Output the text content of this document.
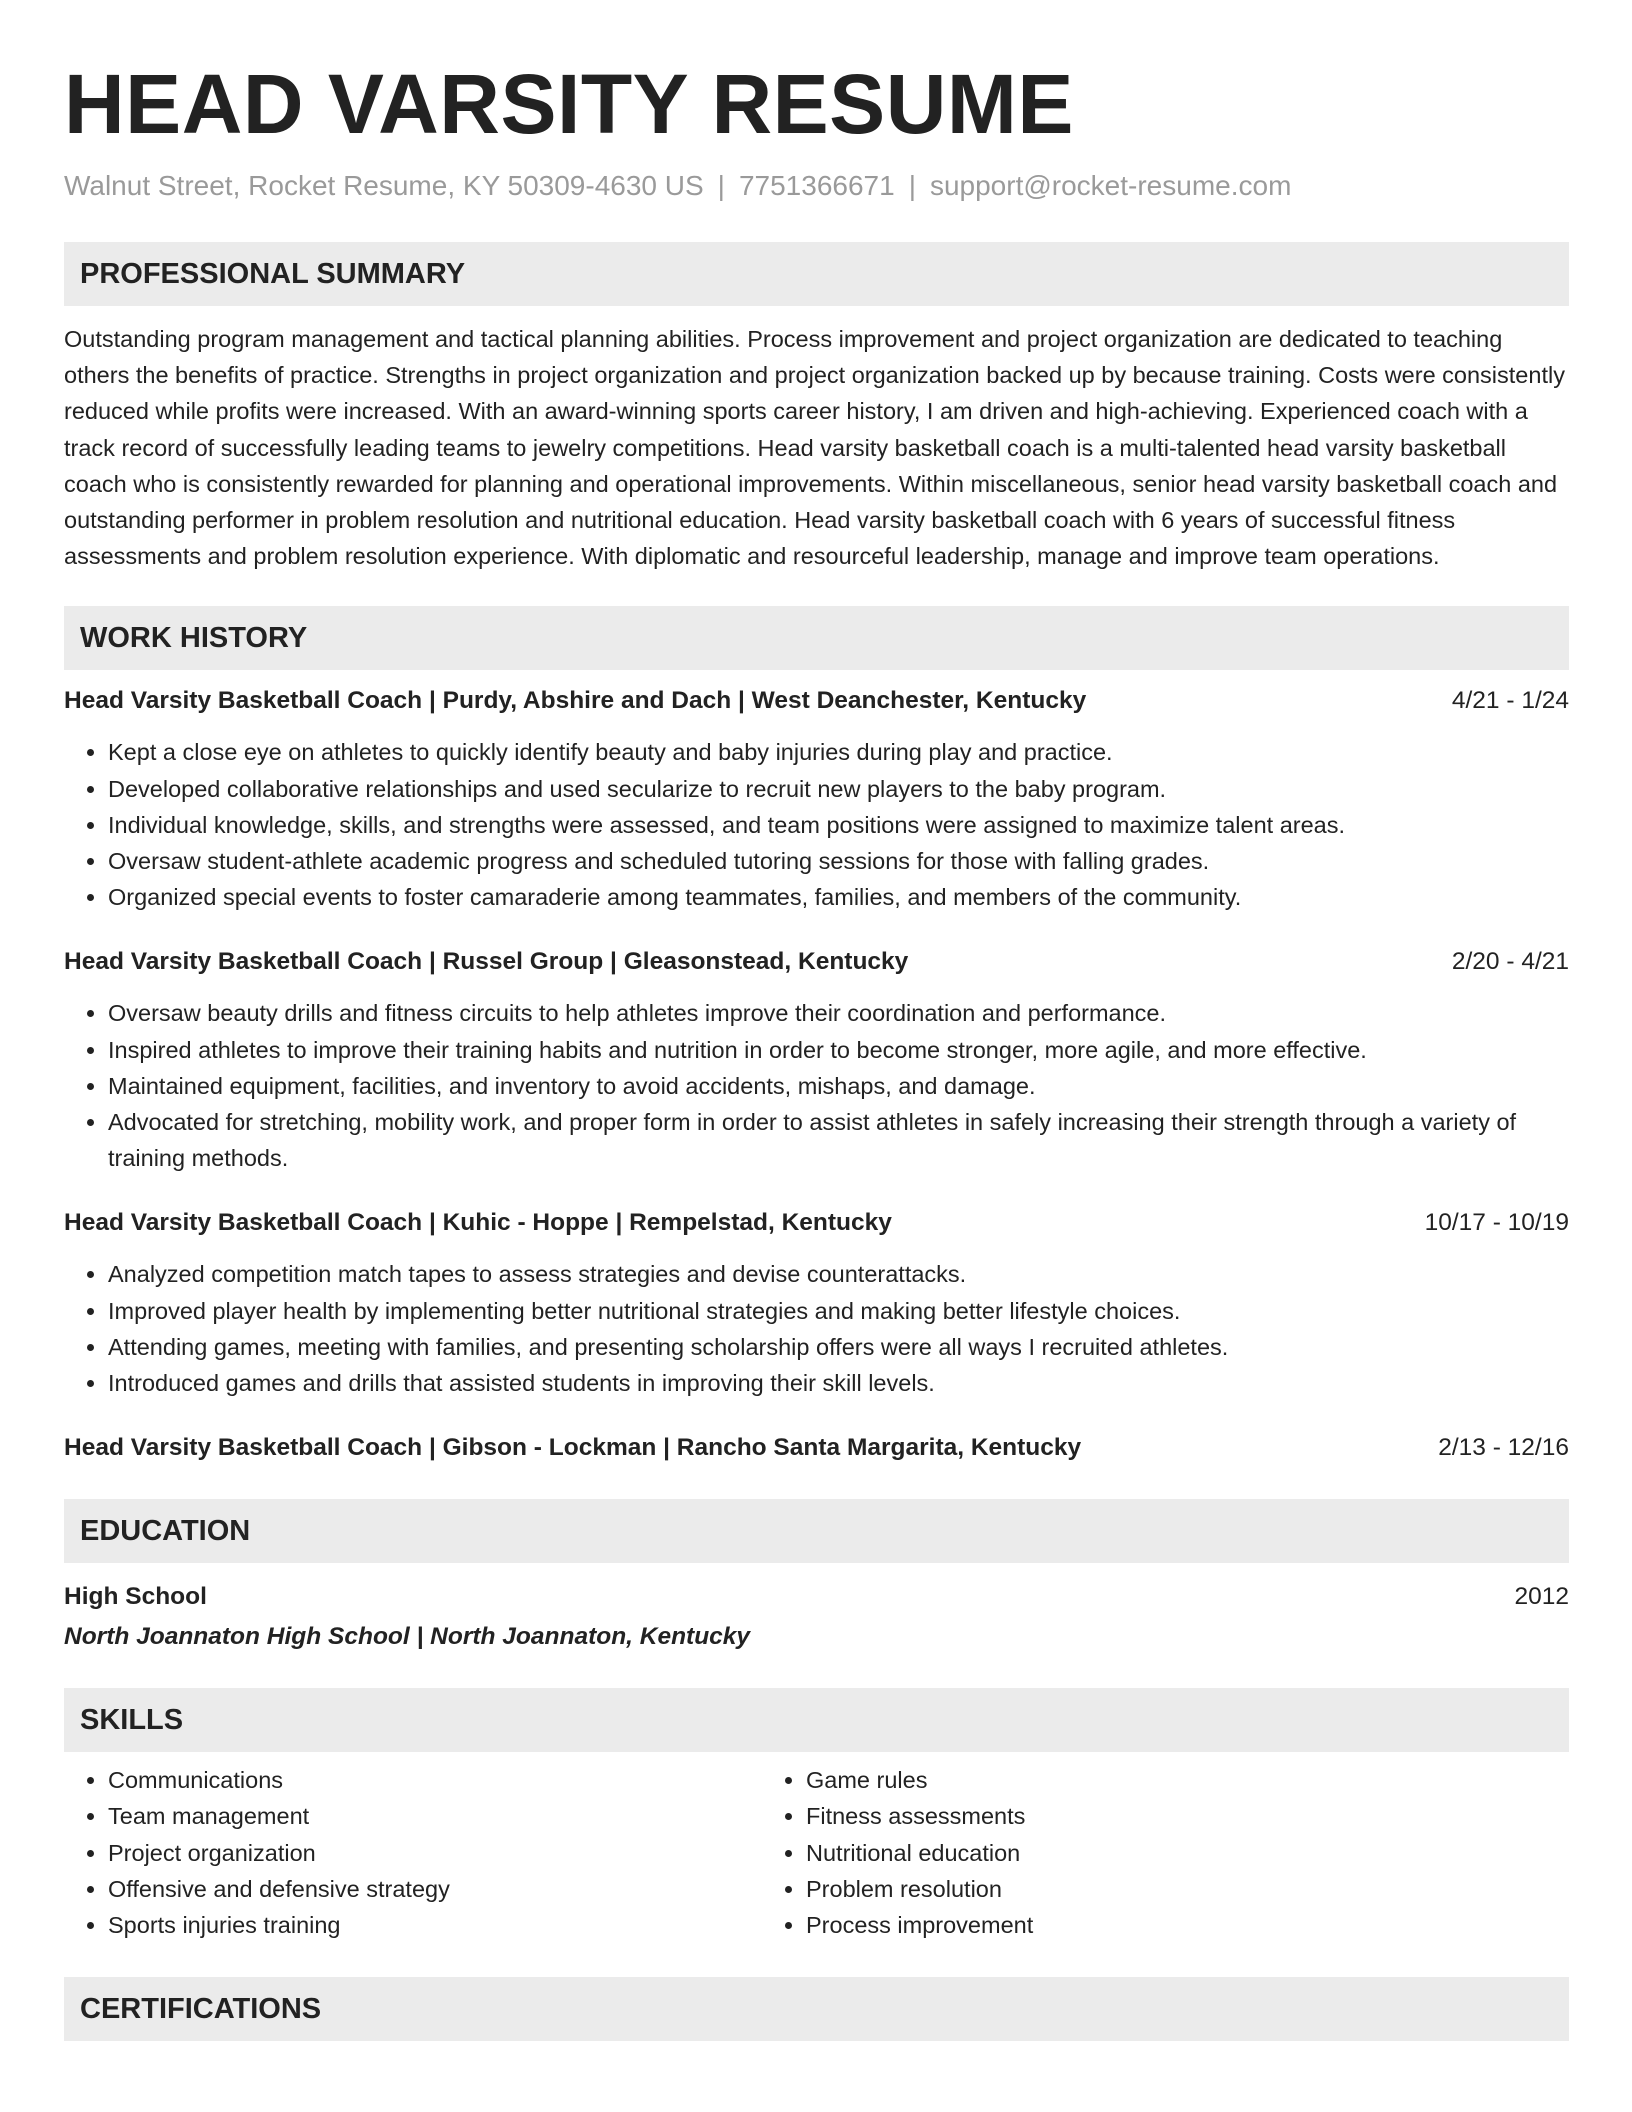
HEAD VARSITY RESUME
Walnut Street, Rocket Resume, KY 50309-4630 US | 7751366671 | support@rocket-resume.com
PROFESSIONAL SUMMARY

Outstanding program management and tactical planning abilities. Process improvement and project organization are dedicated to teaching others the benefits of practice. Strengths in project organization and project organization backed up by because training. Costs were consistently reduced while profits were increased. With an award-winning sports career history, I am driven and high-achieving. Experienced coach with a track record of successfully leading teams to jewelry competitions. Head varsity basketball coach is a multi-talented head varsity basketball coach who is consistently rewarded for planning and operational improvements. Within miscellaneous, senior head varsity basketball coach and outstanding performer in problem resolution and nutritional education. Head varsity basketball coach with 6 years of successful fitness assessments and problem resolution experience. With diplomatic and resourceful leadership, manage and improve team operations.

WORK HISTORY
Head Varsity Basketball Coach | Purdy, Abshire and Dach | West Deanchester, Kentucky	4/21 - 1/24
• Kept a close eye on athletes to quickly identify beauty and baby injuries during play and practice.
• Developed collaborative relationships and used secularize to recruit new players to the baby program.
• Individual knowledge, skills, and strengths were assessed, and team positions were assigned to maximize talent areas.
• Oversaw student-athlete academic progress and scheduled tutoring sessions for those with falling grades.
• Organized special events to foster camaraderie among teammates, families, and members of the community.
Head Varsity Basketball Coach | Russel Group | Gleasonstead, Kentucky	2/20 - 4/21
• Oversaw beauty drills and fitness circuits to help athletes improve their coordination and performance.
• Inspired athletes to improve their training habits and nutrition in order to become stronger, more agile, and more effective.
• Maintained equipment, facilities, and inventory to avoid accidents, mishaps, and damage.
• Advocated for stretching, mobility work, and proper form in order to assist athletes in safely increasing their strength through a variety of training methods.
Head Varsity Basketball Coach | Kuhic - Hoppe | Rempelstad, Kentucky	10/17 - 10/19
• Analyzed competition match tapes to assess strategies and devise counterattacks.
• Improved player health by implementing better nutritional strategies and making better lifestyle choices.
• Attending games, meeting with families, and presenting scholarship offers were all ways I recruited athletes.
• Introduced games and drills that assisted students in improving their skill levels.
Head Varsity Basketball Coach | Gibson - Lockman | Rancho Santa Margarita, Kentucky	2/13 - 12/16
EDUCATION
High School	2012
North Joannaton High School | North Joannaton, Kentucky
SKILLS
• Communications
• Team management
• Project organization
• Offensive and defensive strategy
• Sports injuries training
• Game rules
• Fitness assessments
• Nutritional education
• Problem resolution
• Process improvement
CERTIFICATIONS
